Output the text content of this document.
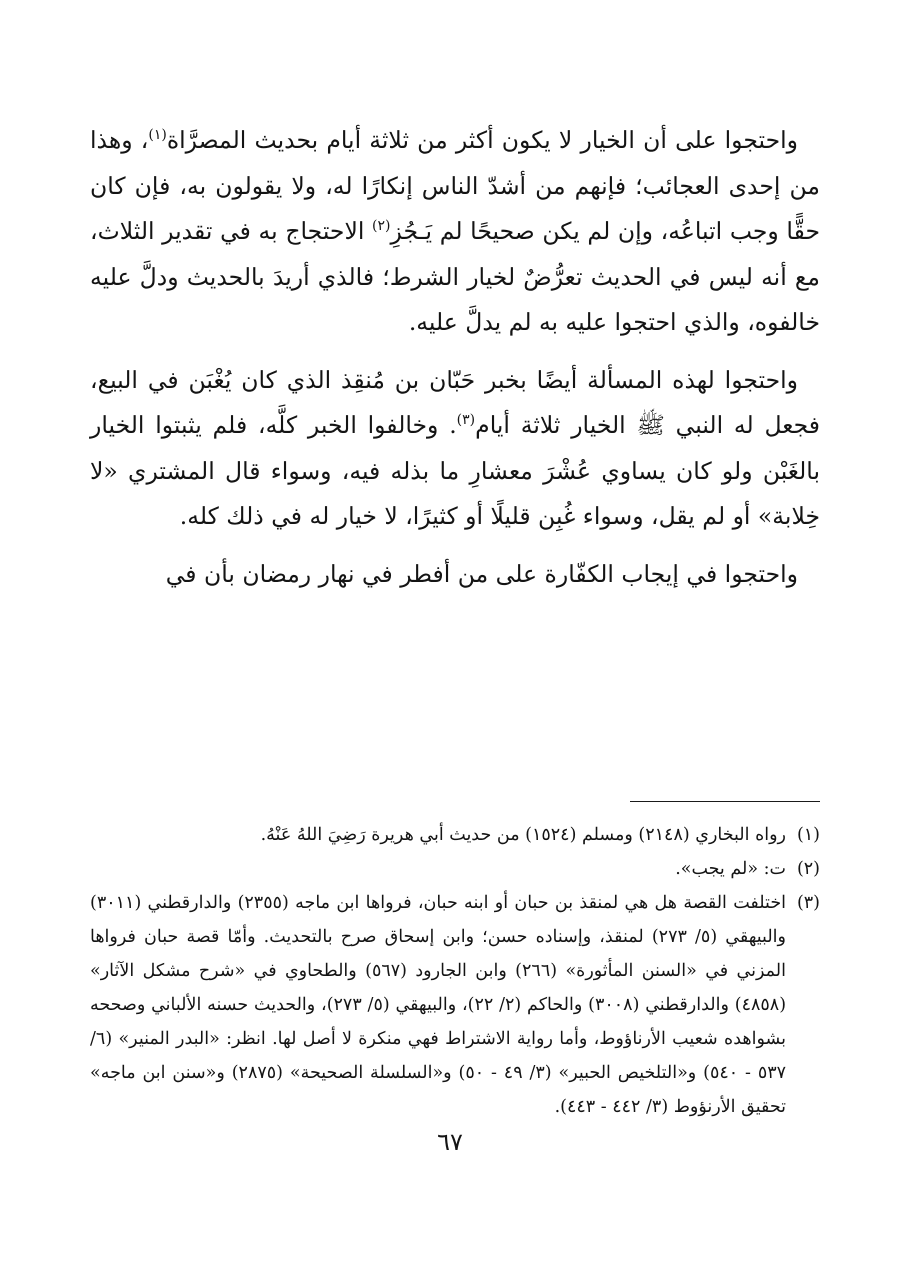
واحتجوا على أن الخيار لا يكون أكثر من ثلاثة أيام بحديث المصرَّاة$^{(١)}$، وهذا من إحدى العجائب؛ فإنهم من أشدّ الناس إنكارًا له، ولا يقولون به، فإن كان حقًّا وجب اتباعُه، وإن لم يكن صحيحًا لم يَـجُزِ$^{(٢)}$ الاحتجاج به في تقدير الثلاث، مع أنه ليس في الحديث تعرُّضٌ لخيار الشرط؛ فالذي أريدَ بالحديث ودلَّ عليه خالفوه، والذي احتجوا عليه به لم يدلَّ عليه.

واحتجوا لهذه المسألة أيضًا بخبر حَبّان بن مُنقِذ الذي كان يُغْبَن في البيع، فجعل له النبي ﷺ الخيار ثلاثة أيام$^{(٣)}$. وخالفوا الخبر كلَّه، فلم يثبتوا الخيار بالغَبْن ولو كان يساوي عُشْرَ معشارِ ما بذله فيه، وسواء قال المشتري «لا خِلابة» أو لم يقل، وسواء غُبِن قليلًا أو كثيرًا، لا خيار له في ذلك كله.

واحتجوا في إيجاب الكفّارة على من أفطر في نهار رمضان بأن في

(١)
رواه البخاري (٢١٤٨) ومسلم (١٥٢٤) من حديث أبي هريرة رَضِيَ اللهُ عَنْهُ.
(٢)
ت: «لم يجب».
(٣)
اختلفت القصة هل هي لمنقذ بن حبان أو ابنه حبان، فرواها ابن ماجه (٢٣٥٥) والدارقطني (٣٠١١) والبيهقي (٥/ ٢٧٣) لمنقذ، وإسناده حسن؛ وابن إسحاق صرح بالتحديث. وأمّا قصة حبان فرواها المزني في «السنن المأثورة» (٢٦٦) وابن الجارود (٥٦٧) والطحاوي في «شرح مشكل الآثار» (٤٨٥٨) والدارقطني (٣٠٠٨) والحاكم (٢/ ٢٢)، والبيهقي (٥/ ٢٧٣)، والحديث حسنه الألباني وصححه بشواهده شعيب الأرناؤوط، وأما رواية الاشتراط فهي منكرة لا أصل لها. انظر: «البدر المنير» (٦/ ٥٣٧ - ٥٤٠) و«التلخيص الحبير» (٣/ ٤٩ - ٥٠) و«السلسلة الصحيحة» (٢٨٧٥) و«سنن ابن ماجه» تحقيق الأرنؤوط (٣/ ٤٤٢ - ٤٤٣).
٦٧
